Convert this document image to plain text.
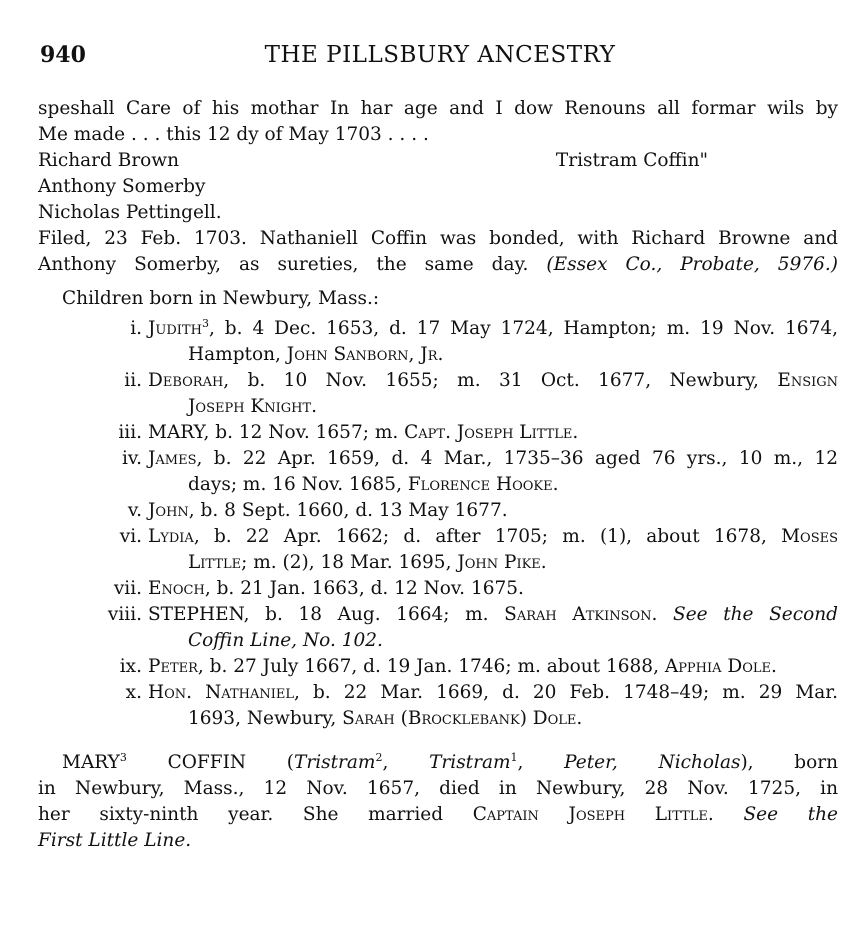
940	THE PILLSBURY ANCESTRY

speshall Care of his mothar In har age and I dow Renouns all formar wils by

Me made . . . this 12 dy of May 1703 . . . .

Richard Brown	Tristram Coffin"

Anthony Somerby

Nicholas Pettingell.

Filed, 23 Feb. 1703. Nathaniell Coffin was bonded, with Richard Browne and

Anthony Somerby, as sureties, the same day. (Essex Co., Probate, 5976.)

Children born in Newbury, Mass.:

i. Judith$^3$, b. 4 Dec. 1653, d. 17 May 1724, Hampton; m. 19 Nov. 1674,
Hampton, John Sanborn, Jr.
ii. Deborah, b. 10 Nov. 1655; m. 31 Oct. 1677, Newbury, Ensign
Joseph Knight.
iii. MARY, b. 12 Nov. 1657; m. Capt. Joseph Little.
iv. James, b. 22 Apr. 1659, d. 4 Mar., 1735–36 aged 76 yrs., 10 m., 12
days; m. 16 Nov. 1685, Florence Hooke.
v. John, b. 8 Sept. 1660, d. 13 May 1677.
vi. Lydia, b. 22 Apr. 1662; d. after 1705; m. (1), about 1678, Moses
Little; m. (2), 18 Mar. 1695, John Pike.
vii. Enoch, b. 21 Jan. 1663, d. 12 Nov. 1675.
viii. STEPHEN, b. 18 Aug. 1664; m. Sarah Atkinson. See the Second
Coffin Line, No. 102.
ix. Peter, b. 27 July 1667, d. 19 Jan. 1746; m. about 1688, Apphia Dole.
x. Hon. Nathaniel, b. 22 Mar. 1669, d. 20 Feb. 1748–49; m. 29 Mar.
1693, Newbury, Sarah (Brocklebank) Dole.

MARY$^3$ COFFIN (Tristram$^2$, Tristram$^1$, Peter, Nicholas), born

in Newbury, Mass., 12 Nov. 1657, died in Newbury, 28 Nov. 1725, in

her sixty-ninth year. She married Captain Joseph Little. See the

First Little Line.
